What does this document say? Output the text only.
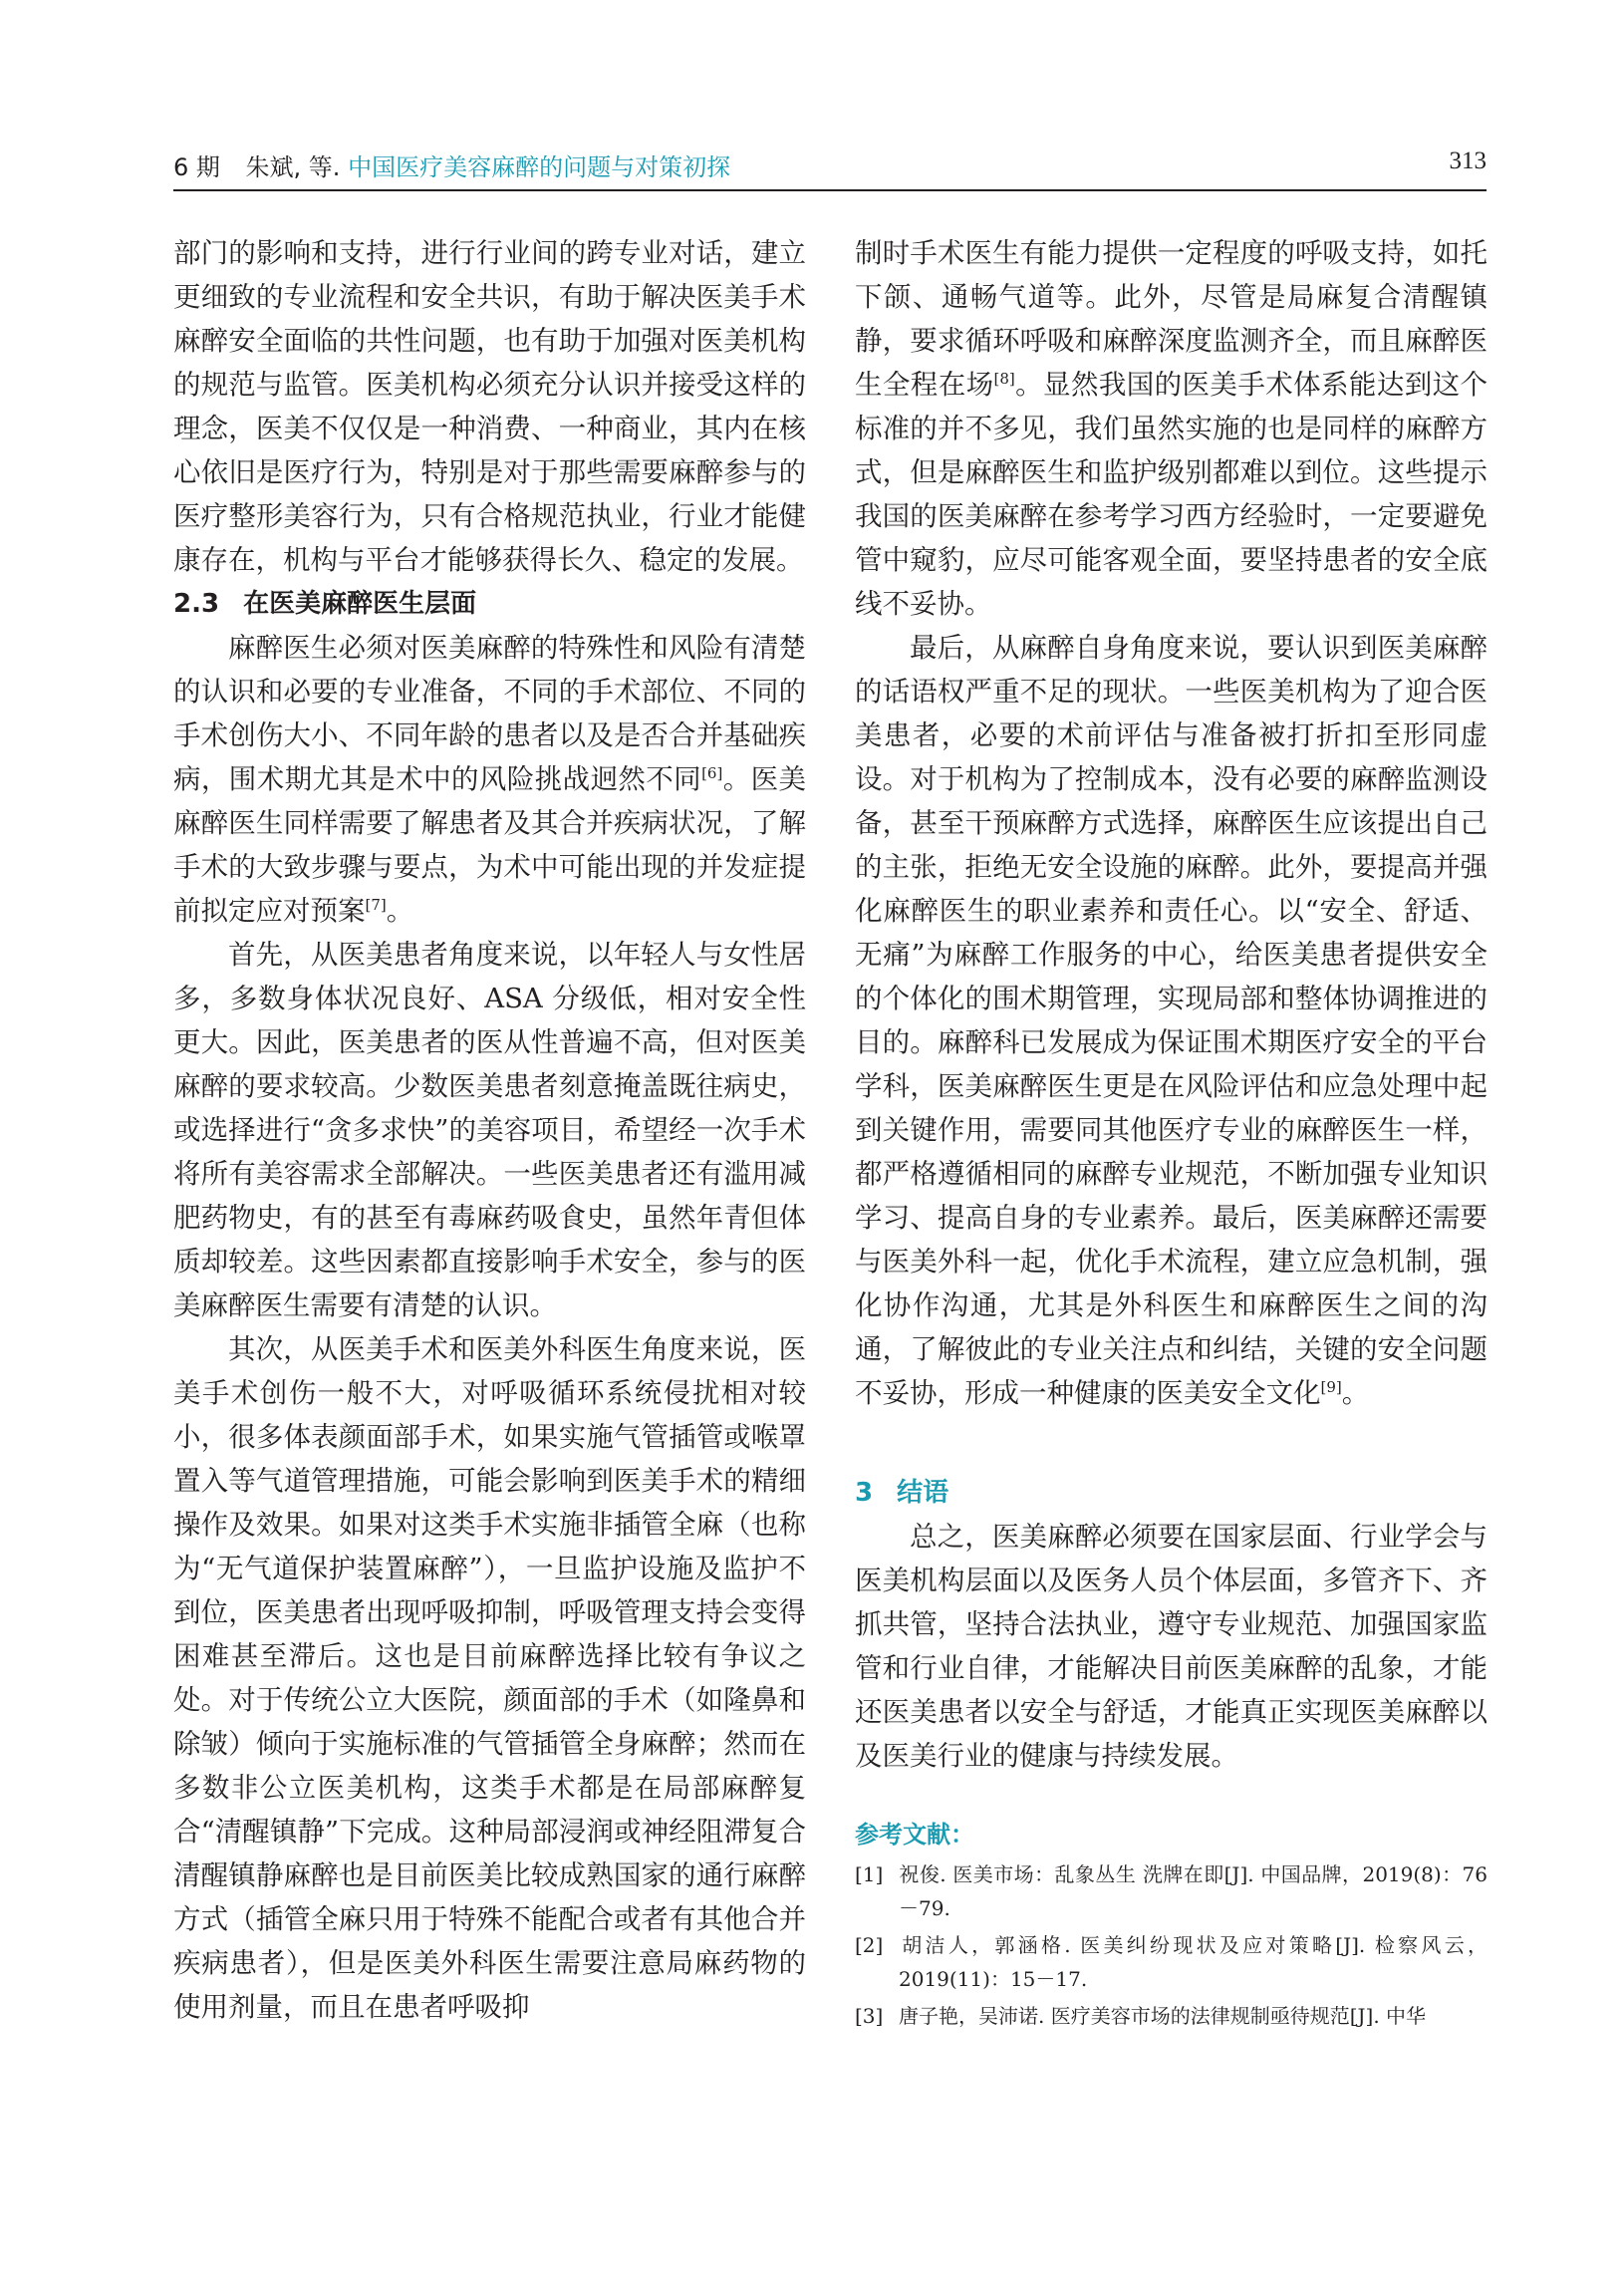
6 期 朱斌, 等. 中国医疗美容麻醉的问题与对策初探	313

部门的影响和支持，进行行业间的跨专业对话，建立更细致的专业流程和安全共识，有助于解决医美手术麻醉安全面临的共性问题，也有助于加强对医美机构的规范与监管。医美机构必须充分认识并接受这样的理念，医美不仅仅是一种消费、一种商业，其内在核心依旧是医疗行为，特别是对于那些需要麻醉参与的医疗整形美容行为，只有合格规范执业，行业才能健康存在，机构与平台才能够获得长久、稳定的发展。

2.3 在医美麻醉医生层面

麻醉医生必须对医美麻醉的特殊性和风险有清楚的认识和必要的专业准备，不同的手术部位、不同的手术创伤大小、不同年龄的患者以及是否合并基础疾病，围术期尤其是术中的风险挑战迥然不同[6]。医美麻醉医生同样需要了解患者及其合并疾病状况，了解手术的大致步骤与要点，为术中可能出现的并发症提前拟定应对预案[7]。

首先，从医美患者角度来说，以年轻人与女性居多，多数身体状况良好、ASA 分级低，相对安全性更大。因此，医美患者的医从性普遍不高，但对医美麻醉的要求较高。少数医美患者刻意掩盖既往病史，或选择进行“贪多求快”的美容项目，希望经一次手术将所有美容需求全部解决。一些医美患者还有滥用减肥药物史，有的甚至有毒麻药吸食史，虽然年青但体质却较差。这些因素都直接影响手术安全，参与的医美麻醉医生需要有清楚的认识。

其次，从医美手术和医美外科医生角度来说，医美手术创伤一般不大，对呼吸循环系统侵扰相对较小，很多体表颜面部手术，如果实施气管插管或喉罩置入等气道管理措施，可能会影响到医美手术的精细操作及效果。如果对这类手术实施非插管全麻（也称为“无气道保护装置麻醉”），一旦监护设施及监护不到位，医美患者出现呼吸抑制，呼吸管理支持会变得困难甚至滞后。这也是目前麻醉选择比较有争议之处。对于传统公立大医院，颜面部的手术（如隆鼻和除皱）倾向于实施标准的气管插管全身麻醉；然而在多数非公立医美机构，这类手术都是在局部麻醉复合“清醒镇静”下完成。这种局部浸润或神经阻滞复合清醒镇静麻醉也是目前医美比较成熟国家的通行麻醉方式（插管全麻只用于特殊不能配合或者有其他合并疾病患者），但是医美外科医生需要注意局麻药物的使用剂量，而且在患者呼吸抑

制时手术医生有能力提供一定程度的呼吸支持，如托下颌、通畅气道等。此外，尽管是局麻复合清醒镇静，要求循环呼吸和麻醉深度监测齐全，而且麻醉医生全程在场[8]。显然我国的医美手术体系能达到这个标准的并不多见，我们虽然实施的也是同样的麻醉方式，但是麻醉医生和监护级别都难以到位。这些提示我国的医美麻醉在参考学习西方经验时，一定要避免管中窥豹，应尽可能客观全面，要坚持患者的安全底线不妥协。

最后，从麻醉自身角度来说，要认识到医美麻醉的话语权严重不足的现状。一些医美机构为了迎合医美患者，必要的术前评估与准备被打折扣至形同虚设。对于机构为了控制成本，没有必要的麻醉监测设备，甚至干预麻醉方式选择，麻醉医生应该提出自己的主张，拒绝无安全设施的麻醉。此外，要提高并强化麻醉医生的职业素养和责任心。以“安全、舒适、无痛”为麻醉工作服务的中心，给医美患者提供安全的个体化的围术期管理，实现局部和整体协调推进的目的。麻醉科已发展成为保证围术期医疗安全的平台学科，医美麻醉医生更是在风险评估和应急处理中起到关键作用，需要同其他医疗专业的麻醉医生一样，都严格遵循相同的麻醉专业规范，不断加强专业知识学习、提高自身的专业素养。最后，医美麻醉还需要与医美外科一起，优化手术流程，建立应急机制，强化协作沟通，尤其是外科医生和麻醉医生之间的沟通，了解彼此的专业关注点和纠结，关键的安全问题不妥协，形成一种健康的医美安全文化[9]。

3 结语

总之，医美麻醉必须要在国家层面、行业学会与医美机构层面以及医务人员个体层面，多管齐下、齐抓共管，坚持合法执业，遵守专业规范、加强国家监管和行业自律，才能解决目前医美麻醉的乱象，才能还医美患者以安全与舒适，才能真正实现医美麻醉以及医美行业的健康与持续发展。

参考文献：

[1] 祝俊. 医美市场：乱象丛生 洗牌在即[J]. 中国品牌，2019(8)：76－79.

[2] 胡洁人，郭涵格. 医美纠纷现状及应对策略[J]. 检察风云，2019(11)：15－17.

[3] 唐子艳，吴沛诺. 医疗美容市场的法律规制亟待规范[J]. 中华
